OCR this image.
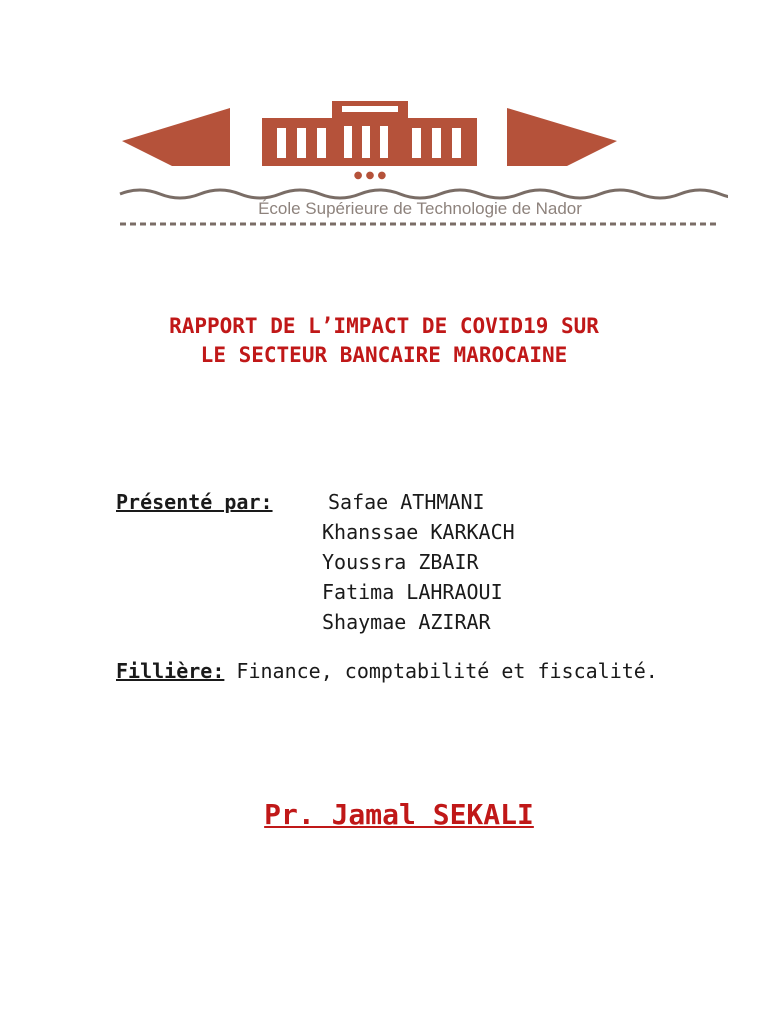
● ● ●
École Supérieure de Technologie de Nador
RAPPORT DE L’IMPACT DE COVID19 SUR
LE SECTEUR BANCAIRE MAROCAINE
Présenté par:	Safae ATHMANI
Khanssae KARKACH
Youssra ZBAIR
Fatima LAHRAOUI
Shaymae AZIRAR
Fillière: Finance, comptabilité et fiscalité.
Pr. Jamal SEKALI
